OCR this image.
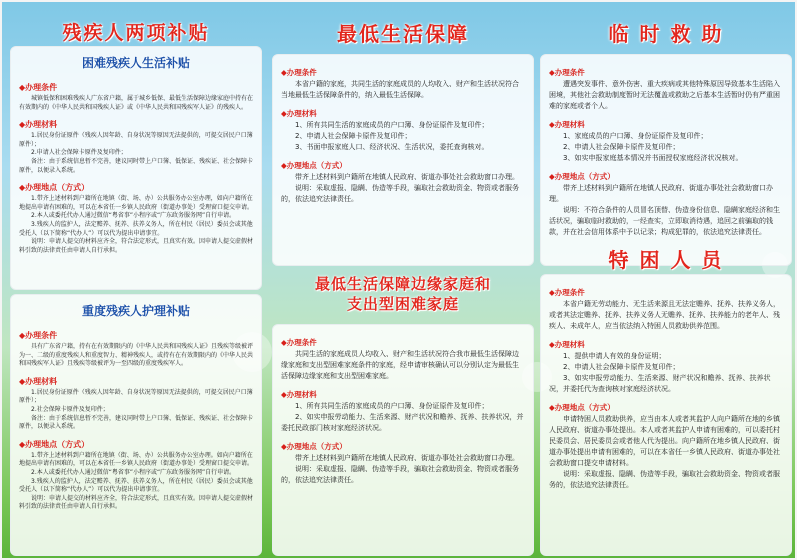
残疾人两项补贴
困难残疾人生活补贴
◆办理条件
城镇低保和困难残疾人广东省户籍，属于城乡低保、最低生活保障边缘家庭中持有在有效期内的《中华人民共和国残疾人证》或《中华人民共和国残疾军人证》的残疾人。
◆办理材料
1.居民身份证原件（残疾人因年龄、自身状况等原因无法提供的，可提交居民户口簿原件）；
2.申请人社会保障卡原件及复印件；
备注：由于系统信息暂不完善，建议同时带上户口簿、低保证、残疾证、社会保障卡原件，以便录入系统。
◆办理地点（方式）
1.带齐上述材料到户籍所在地镇（街、场、办）公共服务办公室办理，如向户籍所在地提出申请有困难的，可以在本省任一乡镇人民政府（街道办事处）受理窗口提交申请。
2.本人或委托代办人通过微信“粤省事”小程序或“广东政务服务网”自行申请。
3.残疾人的监护人，法定赡养、抚养、扶养义务人，所在村民（居民）委员会或其他受托人（以下简称“代办人”）可以代为提出申请事宜。
说明：申请人提交的材料应齐全，符合法定形式，且真实有效。因申请人提交虚假材料引致的法律责任由申请人自行承担。
重度残疾人护理补贴
◆办理条件
具有广东省户籍，持有在有效期限内的《中华人民共和国残疾人证》且残疾等级被评为一、二级的重度残疾人和重度智力、精神残疾人，或持有在有效期限内的《中华人民共和国残疾军人证》且残疾等级被评为一至四级的重度残疾军人。
◆办理材料
1.居民身份证原件（残疾人因年龄、自身状况等原因无法提供的，可提交居民户口簿原件）；
2.社会保障卡原件及复印件；
备注：由于系统信息暂不完善，建议同时带上户口簿、低保证、残疾证、社会保障卡原件，以便录入系统。
◆办理地点（方式）
1.带齐上述材料到户籍所在地镇（街、场、办）公共服务办公室办理。如向户籍所在地提出申请有困难的，可以在本省任一乡镇人民政府（街道办事处）受理窗口提交申请。
2.本人或委托代办人通过微信“粤省事”小程序或“广东政务服务网”自行申请。
3.残疾人的监护人，法定赡养、抚养、扶养义务人，所在村民（居民）委员会或其他受托人（以下简称“代办人”）可以代为提出申请事宜。
说明：申请人提交的材料应齐全，符合法定形式，且真实有效。因申请人提交虚假材料引致的法律责任由申请人自行承担。
最低生活保障
◆办理条件
本省户籍的家庭，共同生活的家庭成员的人均收入、财产和生活状况符合当地最低生活保障条件的，纳入最低生活保障。
◆办理材料
1、所有共同生活的家庭成员的户口簿、身份证原件及复印件；
2、申请人社会保障卡原件及复印件；
3、书面申报家庭人口、经济状况、生活状况，委托查询核对。
◆办理地点（方式）
带齐上述材料到户籍所在地镇人民政府、街道办事处社会救助窗口办理。
说明：采取虚报、隐瞒、伪造等手段，骗取社会救助资金、物资或者服务的，依法追究法律责任。
最低生活保障边缘家庭和
支出型困难家庭
◆办理条件
共同生活的家庭成员人均收入、财产和生活状况符合我市最低生活保障边缘家庭和支出型困难家庭条件的家庭，经申请审核确认可以分别认定为最低生活保障边缘家庭和支出型困难家庭。
◆办理材料
1、所有共同生活的家庭成员的户口簿、身份证原件及复印件；
2、如实申报劳动能力、生活来源、财产状况和赡养、抚养、扶养状况，并委托民政部门核对家庭经济状况。
◆办理地点（方式）
带齐上述材料到户籍所在地镇人民政府、街道办事处社会救助窗口办理。
说明：采取虚报、隐瞒、伪造等手段，骗取社会救助资金、物资或者服务的，依法追究法律责任。
临 时 救 助
◆办理条件
遭遇突发事件、意外伤害、重大疾病或其他特殊原因导致基本生活陷入困境，其他社会救助制度暂时无法覆盖或救助之后基本生活暂时仍有严重困难的家庭或者个人。
◆办理材料
1、家庭成员的户口簿、身份证原件及复印件；
2、申请人社会保障卡原件及复印件；
3、如实申报家庭基本情况并书面授权家庭经济状况核对。
◆办理地点（方式）
带齐上述材料到户籍所在地镇人民政府、街道办事处社会救助窗口办理。
说明：不符合条件的人员冒名顶替、伪造身份信息、隐瞒家庭经济和生活状况，骗取临时救助的，一经查实，立即取消待遇，追回之前骗取的钱款，并在社会信用体系中予以记录；构成犯罪的，依法追究法律责任。
特 困 人 员
◆办理条件
本省户籍无劳动能力、无生活来源且无法定赡养、抚养、扶养义务人，或者其法定赡养、抚养、扶养义务人无赡养、抚养、扶养能力的老年人、残疾人、未成年人，应当依法纳入特困人员救助供养范围。
◆办理材料
1、提供申请人有效的身份证明；
2、申请人社会保障卡原件及复印件；
3、如实申报劳动能力、生活来源、财产状况和赡养、抚养、扶养状况，并委托代为查询核对家庭经济状况。
◆办理地点（方式）
申请特困人员救助供养，应当由本人或者其监护人向户籍所在地的乡镇人民政府、街道办事处提出。本人或者其监护人申请有困难的，可以委托村民委员会、居民委员会或者他人代为提出。向户籍所在地乡镇人民政府、街道办事处提出申请有困难的，可以在本省任一乡镇人民政府、街道办事处社会救助窗口提交申请材料。
说明：采取虚报、隐瞒、伪造等手段，骗取社会救助资金、物资或者服务的，依法追究法律责任。
